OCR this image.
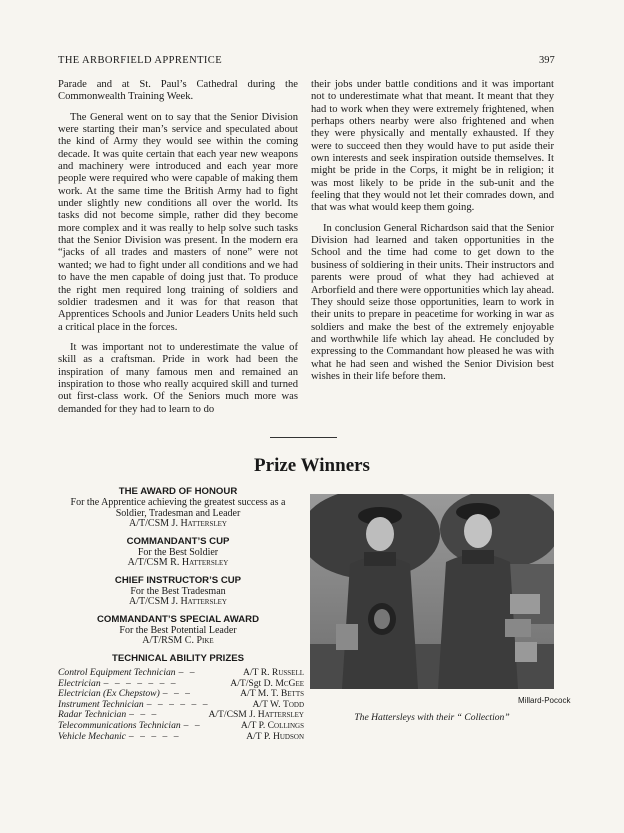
THE ARBORFIELD APPRENTICE	397

Parade and at St. Paul’s Cathedral during the Commonwealth Training Week.

The General went on to say that the Senior Division were starting their man’s service and speculated about the kind of Army they would see within the coming decade. It was quite certain that each year new weapons and machinery were introduced and each year more people were required who were capable of making them work. At the same time the British Army had to fight under slightly new conditions all over the world. Its tasks did not become simple, rather did they become more complex and it was really to help solve such tasks that the Senior Division was present. In the modern era “jacks of all trades and masters of none” were not wanted; we had to fight under all conditions and we had to have the men capable of doing just that. To produce the right men required long training of soldiers and soldier tradesmen and it was for that reason that Apprentices Schools and Junior Leaders Units held such a critical place in the forces.

It was important not to underestimate the value of skill as a craftsman. Pride in work had been the inspiration of many famous men and remained an inspiration to those who really acquired skill and turned out first-class work. Of the Seniors much more was demanded for they had to learn to do

their jobs under battle conditions and it was important not to underestimate what that meant. It meant that they had to work when they were extremely frightened, when perhaps others nearby were also frightened and when they were physically and mentally exhausted. If they were to succeed then they would have to put aside their own interests and seek inspiration outside themselves. It might be pride in the Corps, it might be in religion; it was most likely to be pride in the sub-unit and the feeling that they would not let their comrades down, and that was what would keep them going.

In conclusion General Richardson said that the Senior Division had learned and taken opportunities in the School and the time had come to get down to the business of soldiering in their units. Their instructors and parents were proud of what they had achieved at Arborfield and there were opportunities which lay ahead. They should seize those opportunities, learn to work in their units to prepare in peacetime for working in war as soldiers and make the best of the extremely enjoyable and worthwhile life which lay ahead. He concluded by expressing to the Commandant how pleased he was with what he had seen and wished the Senior Division best wishes in their life before them.

Prize Winners

THE AWARD OF HONOUR

For the Apprentice achieving the greatest success as a

Soldier, Tradesman and Leader

A/T/CSM J. Hattersley

COMMANDANT’S CUP

For the Best Soldier

A/T/CSM R. Hattersley

CHIEF INSTRUCTOR’S CUP

For the Best Tradesman

A/T/CSM J. Hattersley

COMMANDANT’S SPECIAL AWARD

For the Best Potential Leader

A/T/RSM C. Pike

TECHNICAL ABILITY PRIZES

Control Equipment Technician – –	A/T R. Russell
Electrician – – – – – – –	A/T/Sgt D. McGee
Electrician (Ex Chepstow) – – –	A/T M. T. Betts
Instrument Technician – – – – – –	A/T W. Todd
Radar Technician – – –	A/T/CSM J. Hattersley
Telecommunications Technician – –	A/T P. Collings
Vehicle Mechanic – – – – –	A/T P. Hudson
Millard-Pocock
The Hattersleys with their “ Collection”
